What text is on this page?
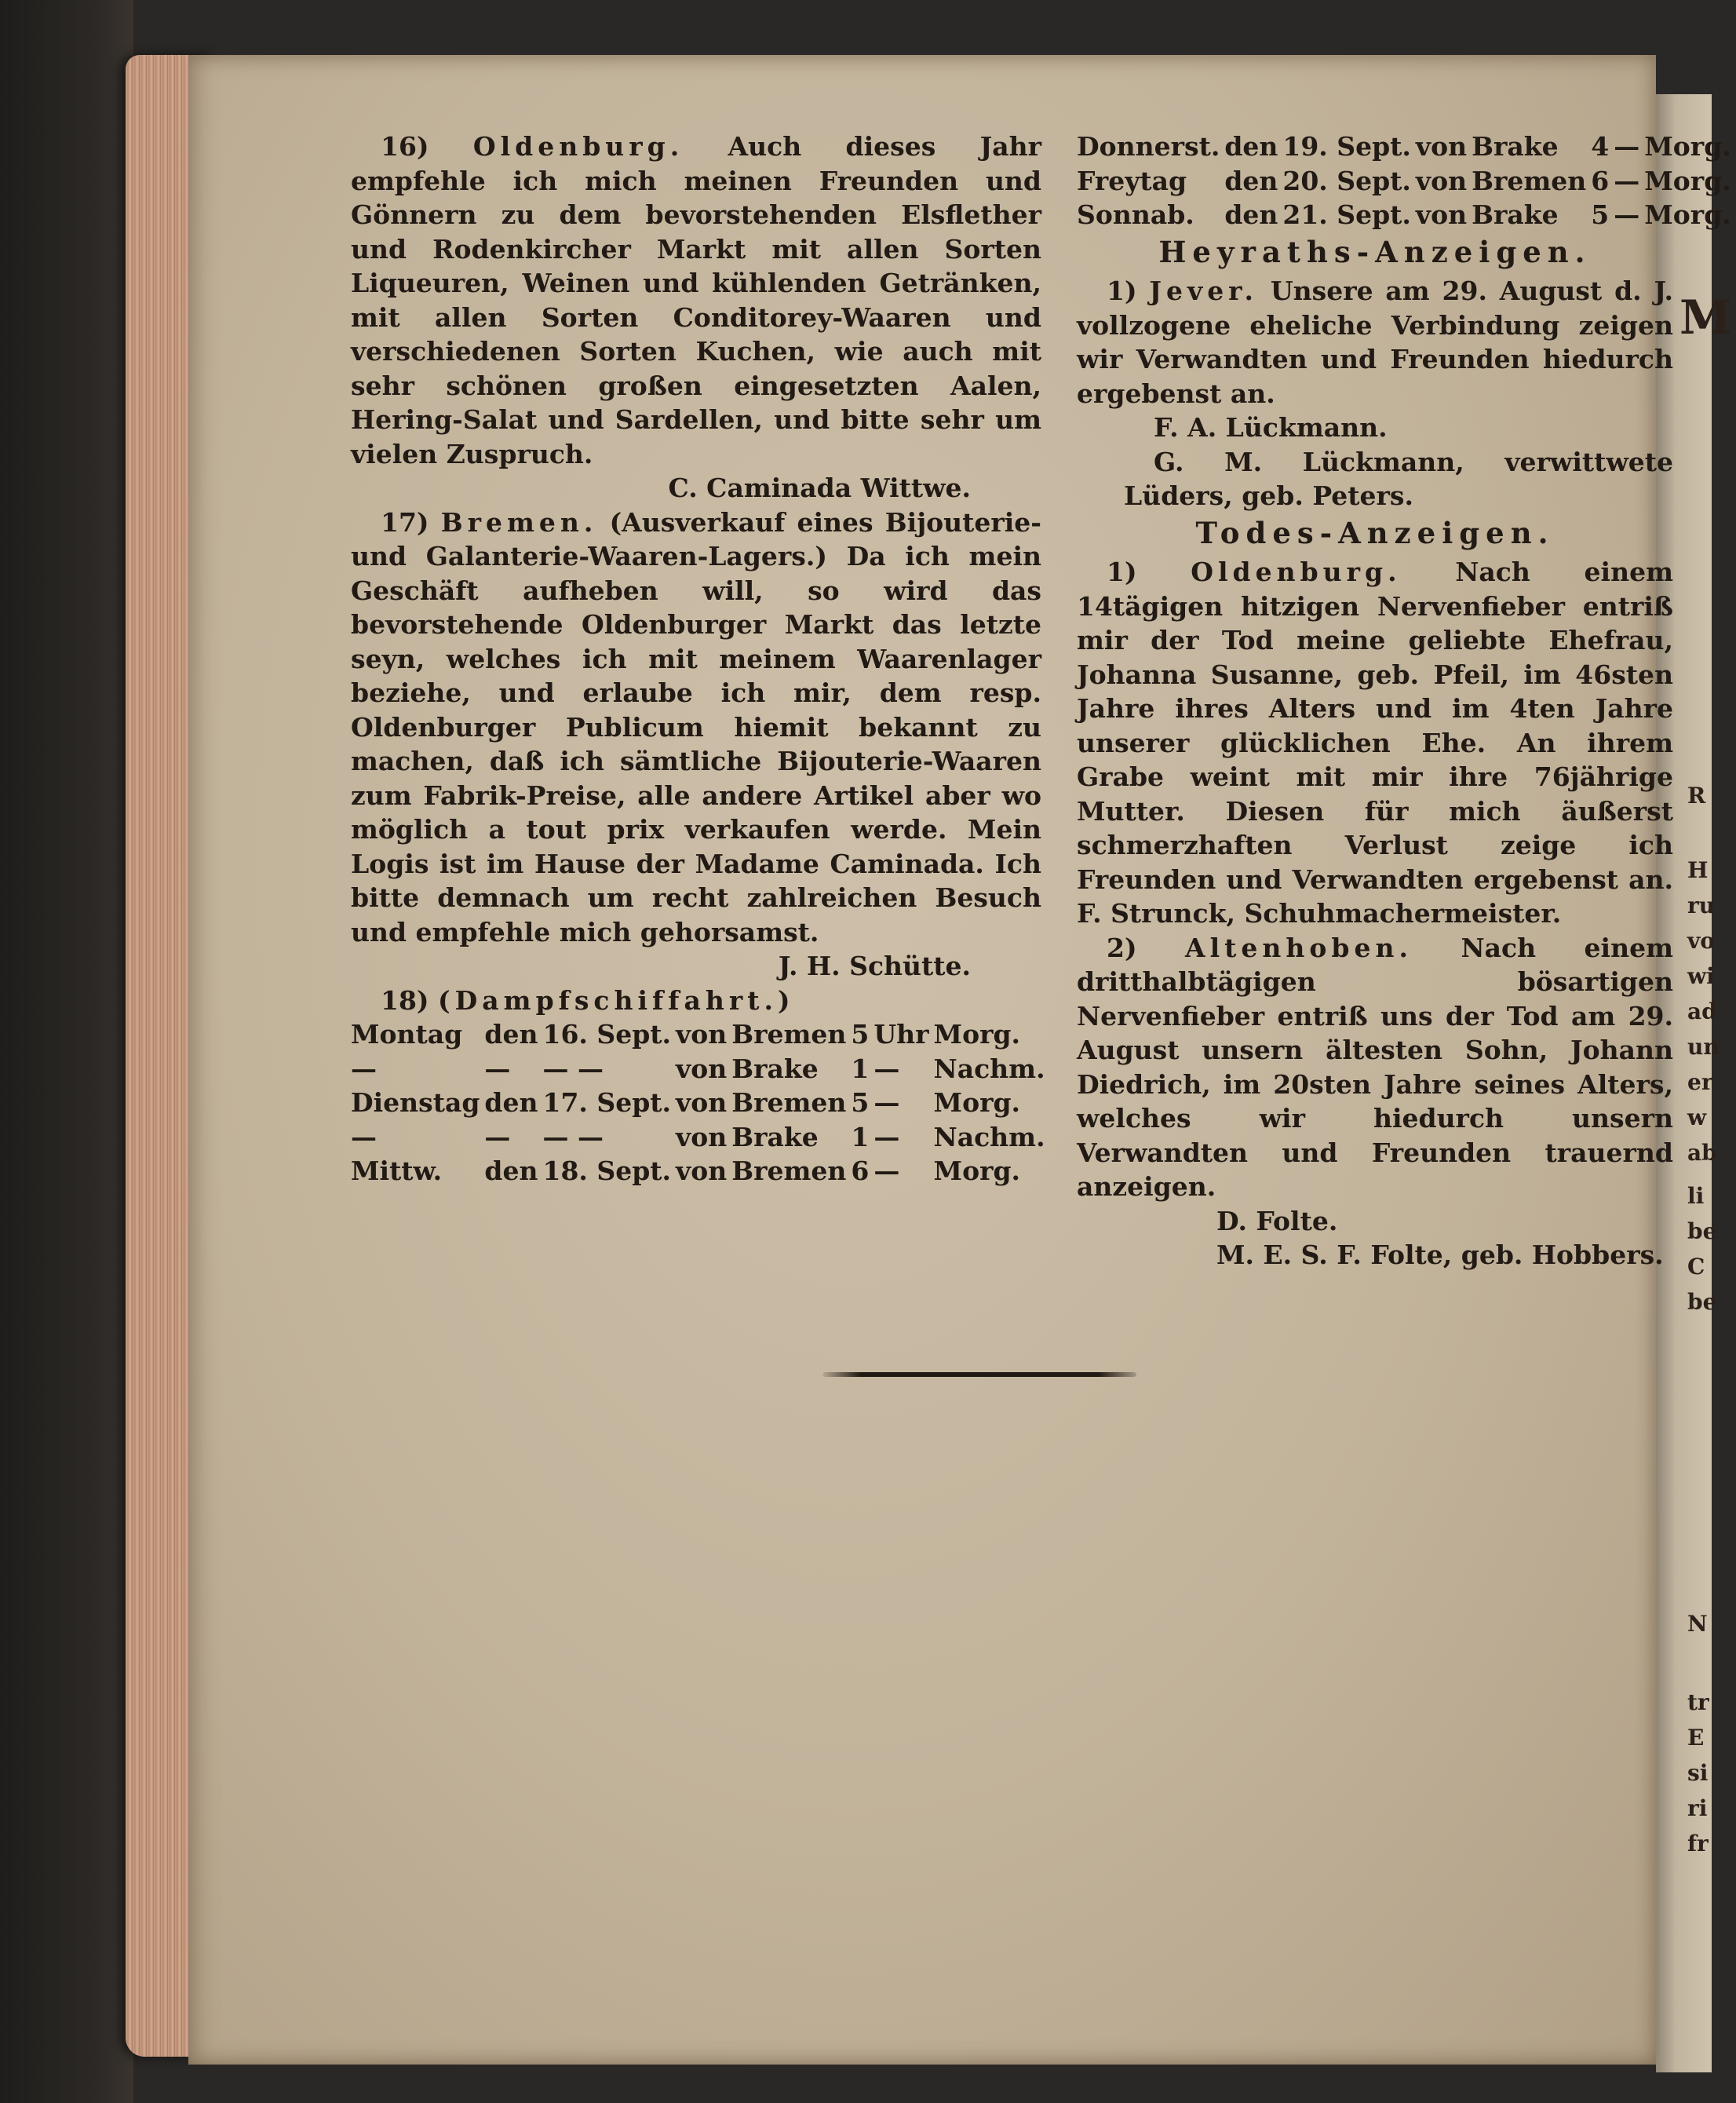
M
R
H
ru
vo
wi
ad
un
er
w
ab
li
be
C
be
N
tr
E
si
ri
fr

16) Oldenburg. Auch dieses Jahr empfehle ich mich meinen Freunden und Gönnern zu dem bevorstehenden Elsflether und Rodenkircher Markt mit allen Sorten Liqueuren, Weinen und kühlenden Getränken, mit allen Sorten Conditorey-Waaren und verschiedenen Sorten Kuchen, wie auch mit sehr schönen großen eingesetzten Aalen, Hering-Salat und Sardellen, und bitte sehr um vielen Zuspruch.

C. Caminada Wittwe.

17) Bremen. (Ausverkauf eines Bijouterie- und Galanterie-Waaren-Lagers.) Da ich mein Geschäft aufheben will, so wird das bevorstehende Oldenburger Markt das letzte seyn, welches ich mit meinem Waarenlager beziehe, und erlaube ich mir, dem resp. Oldenburger Publicum hiemit bekannt zu machen, daß ich sämtliche Bijouterie-Waaren zum Fabrik-Preise, alle andere Artikel aber wo möglich a tout prix verkaufen werde. Mein Logis ist im Hause der Madame Caminada. Ich bitte demnach um recht zahlreichen Besuch und empfehle mich gehorsamst.

J. H. Schütte.

18) (Dampfschiffahrt.)

Montag	den	16. Sept.	von	Bremen	5	Uhr	Morg.
—	—	— —	von	Brake	1	—	Nachm.
Dienstag	den	17. Sept.	von	Bremen	5	—	Morg.
—	—	— —	von	Brake	1	—	Nachm.
Mittw.	den	18. Sept.	von	Bremen	6	—	Morg.
Donnerst.	den	19. Sept.	von	Brake	4	—	Morg.
Freytag	den	20. Sept.	von	Bremen	6	—	Morg.
Sonnab.	den	21. Sept.	von	Brake	5	—	Morg.
Heyraths-Anzeigen.

1) Jever. Unsere am 29. August d. J. vollzogene eheliche Verbindung zeigen wir Verwandten und Freunden hiedurch ergebenst an.

F. A. Lückmann.

G. M. Lückmann, verwittwete Lüders, geb. Peters.

Todes-Anzeigen.

1) Oldenburg. Nach einem 14tägigen hitzigen Nervenfieber entriß mir der Tod meine geliebte Ehefrau, Johanna Susanne, geb. Pfeil, im 46sten Jahre ihres Alters und im 4ten Jahre unserer glücklichen Ehe. An ihrem Grabe weint mit mir ihre 76jährige Mutter. Diesen für mich äußerst schmerzhaften Verlust zeige ich Freunden und Verwandten ergebenst an. F. Strunck, Schuhmachermeister.

2) Altenhoben. Nach einem dritthalbtägigen bösartigen Nervenfieber entriß uns der Tod am 29. August unsern ältesten Sohn, Johann Diedrich, im 20sten Jahre seines Alters, welches wir hiedurch unsern Verwandten und Freunden trauernd anzeigen.

D. Folte.

M. E. S. F. Folte, geb. Hobbers.
